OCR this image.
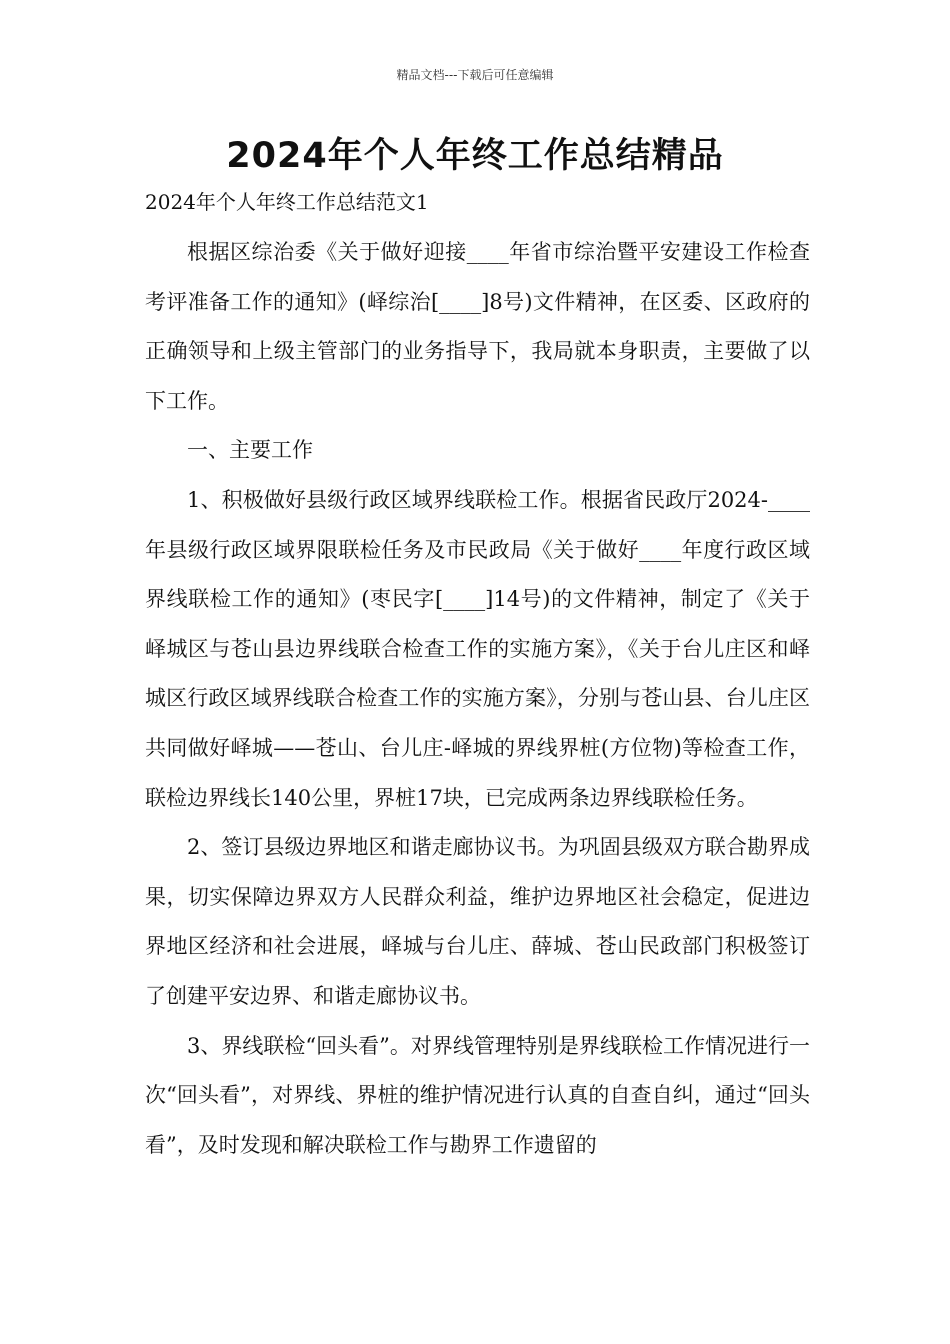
精品文档---下载后可任意编辑
2024年个人年终工作总结精品
2024年个人年终工作总结范文1

根据区综治委《关于做好迎接____年省市综治暨平安建设工作检查考评准备工作的通知》(峄综治[____]8号)文件精神，在区委、区政府的正确领导和上级主管部门的业务指导下，我局就本身职责，主要做了以下工作。

一、主要工作

1、积极做好县级行政区域界线联检工作。根据省民政厅2024-____年县级行政区域界限联检任务及市民政局《关于做好____年度行政区域界线联检工作的通知》(枣民字[____]14号)的文件精神，制定了《关于峄城区与苍山县边界线联合检查工作的实施方案》，《关于台儿庄区和峄城区行政区域界线联合检查工作的实施方案》，分别与苍山县、台儿庄区共同做好峄城——苍山、台儿庄-峄城的界线界桩(方位物)等检查工作，联检边界线长140公里，界桩17块，已完成两条边界线联检任务。

2、签订县级边界地区和谐走廊协议书。为巩固县级双方联合勘界成果，切实保障边界双方人民群众利益，维护边界地区社会稳定，促进边界地区经济和社会进展，峄城与台儿庄、薛城、苍山民政部门积极签订了创建平安边界、和谐走廊协议书。

3、界线联检“回头看”。对界线管理特别是界线联检工作情况进行一次“回头看”，对界线、界桩的维护情况进行认真的自查自纠，通过“回头看”，及时发现和解决联检工作与勘界工作遗留的
